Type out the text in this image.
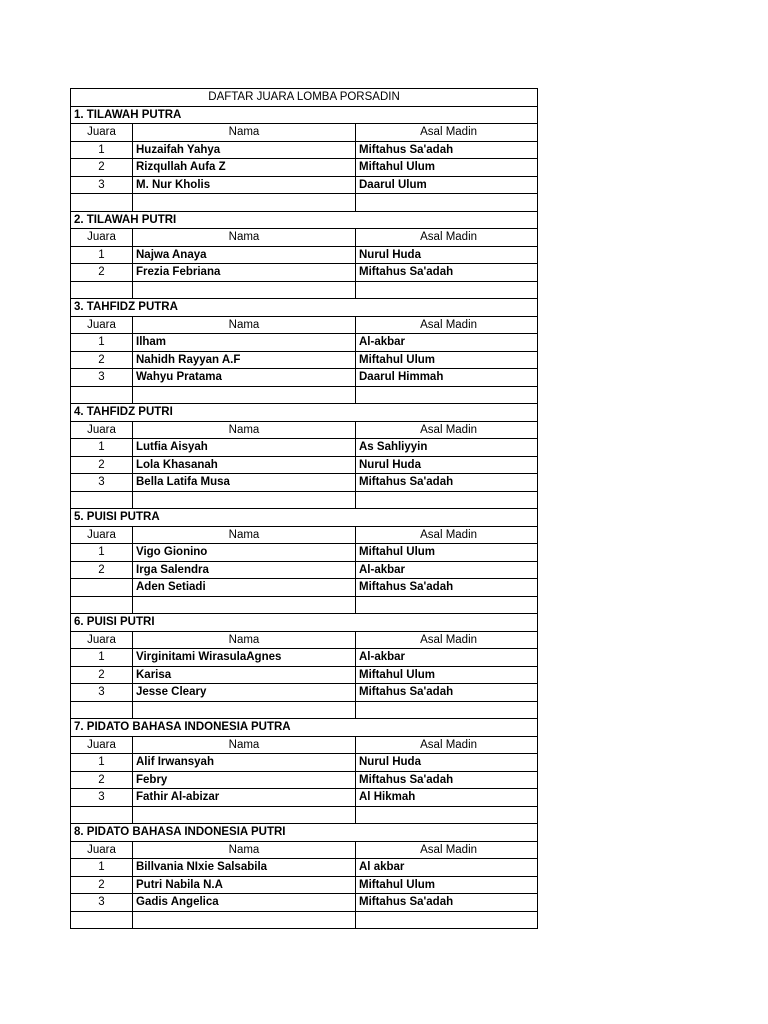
DAFTAR JUARA LOMBA PORSADIN		
1. TILAWAH PUTRA		
Juara	Nama	Asal Madin
1	Huzaifah Yahya	Miftahus Sa'adah
2	Rizqullah Aufa Z	Miftahul Ulum
3	M. Nur Kholis	Daarul Ulum

2. TILAWAH PUTRI		
Juara	Nama	Asal Madin
1	Najwa Anaya	Nurul Huda
2	Frezia Febriana	Miftahus Sa'adah

3. TAHFIDZ PUTRA		
Juara	Nama	Asal Madin
1	Ilham	Al-akbar
2	Nahidh Rayyan A.F	Miftahul Ulum
3	Wahyu Pratama	Daarul Himmah

4. TAHFIDZ PUTRI		
Juara	Nama	Asal Madin
1	Lutfia Aisyah	As Sahliyyin
2	Lola Khasanah	Nurul Huda
3	Bella Latifa Musa	Miftahus Sa'adah

5. PUISI PUTRA		
Juara	Nama	Asal Madin
1	Vigo Gionino	Miftahul Ulum
2	Irga Salendra	Al-akbar
	Aden Setiadi	Miftahus Sa'adah

6. PUISI PUTRI		
Juara	Nama	Asal Madin
1	Virginitami WirasulaAgnes	Al-akbar
2	Karisa	Miftahul Ulum
3	Jesse Cleary	Miftahus Sa'adah

7. PIDATO BAHASA INDONESIA PUTRA		
Juara	Nama	Asal Madin
1	Alif Irwansyah	Nurul Huda
2	Febry	Miftahus Sa'adah
3	Fathir Al-abizar	Al Hikmah

8. PIDATO BAHASA INDONESIA PUTRI		
Juara	Nama	Asal Madin
1	Billvania NIxie Salsabila	Al akbar
2	Putri Nabila N.A	Miftahul Ulum
3	Gadis Angelica	Miftahus Sa'adah
